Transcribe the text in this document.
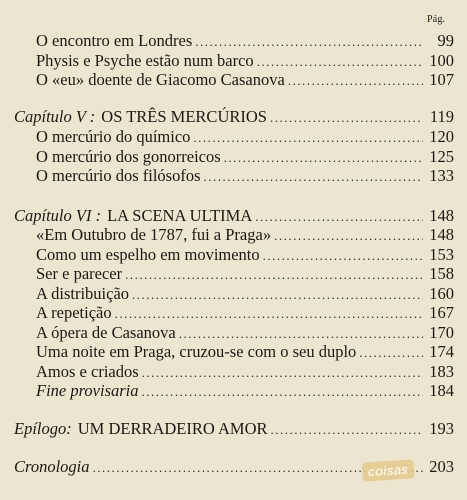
Pág.
O encontro em Londres .....	99
Physis e Psyche estão num barco .....	100
O «eu» doente de Giacomo Casanova .....	107
Capítulo V : OS TRÊS MERCÚRIOS .....	119
O mercúrio do químico .....	120
O mercúrio dos gonorreicos .....	125
O mercúrio dos filósofos .....	133
Capítulo VI : LA SCENA ULTIMA .....	148
«Em Outubro de 1787, fui a Praga» .....	148
Como um espelho em movimento .....	153
Ser e parecer .....	158
A distribuição .....	160
A repetição .....	167
A ópera de Casanova .....	170
Uma noite em Praga, cruzou-se com o seu duplo .....	174
Amos e criados .....	183
Fine provisaria .....	184
Epílogo: UM DERRADEIRO AMOR .....	193
Cronologia .....	203
coisas
